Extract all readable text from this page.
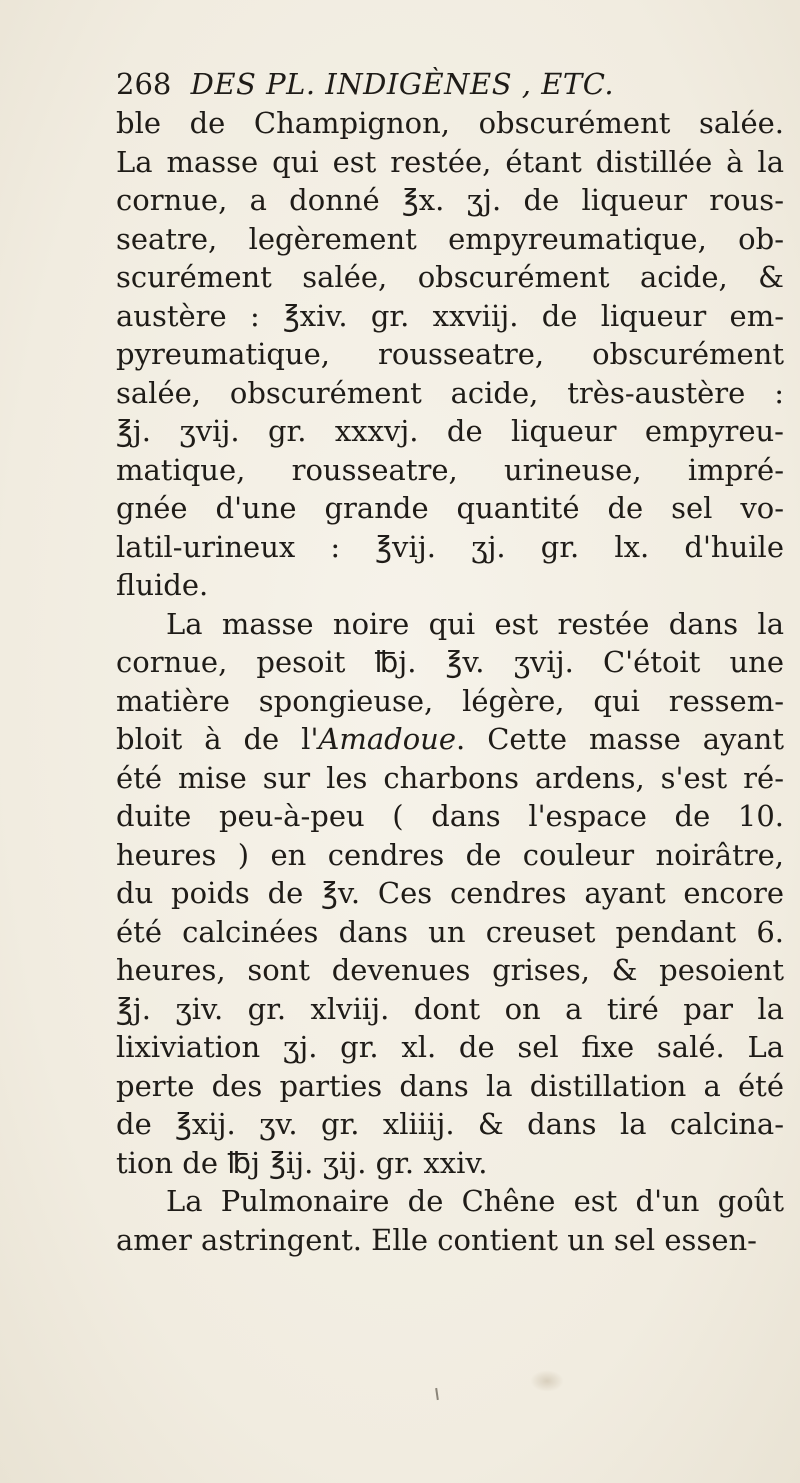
268 DES PL. INDIGÈNES , ETC.
ble de Champignon, obscurément salée.
La masse qui est restée, étant distillée à la
cornue, a donné ℥x. ʒj. de liqueur rous-
seatre, legèrement empyreumatique, ob-
scurément salée, obscurément acide, &
austère : ℥xiv. gr. xxviij. de liqueur em-
pyreumatique, rousseatre, obscurément
salée, obscurément acide, très-austère :
℥j. ʒvij. gr. xxxvj. de liqueur empyreu-
matique, rousseatre, urineuse, impré-
gnée d'une grande quantité de sel vo-
latil-urineux : ℥vij. ʒj. gr. lx. d'huile
fluide.
La masse noire qui est restée dans la
cornue, pesoit ℔j. ℥v. ʒvij. C'étoit une
matière spongieuse, légère, qui ressem-
bloit à de l'Amadoue. Cette masse ayant
été mise sur les charbons ardens, s'est ré-
duite peu-à-peu ( dans l'espace de 10.
heures ) en cendres de couleur noirâtre,
du poids de ℥v. Ces cendres ayant encore
été calcinées dans un creuset pendant 6.
heures, sont devenues grises, & pesoient
℥j. ʒiv. gr. xlviij. dont on a tiré par la
lixiviation ʒj. gr. xl. de sel fixe salé. La
perte des parties dans la distillation a été
de ℥xij. ʒv. gr. xliiij. & dans la calcina-
tion de ℔j ℥ij. ʒij. gr. xxiv.
La Pulmonaire de Chêne est d'un goût
amer astringent. Elle contient un sel essen-
